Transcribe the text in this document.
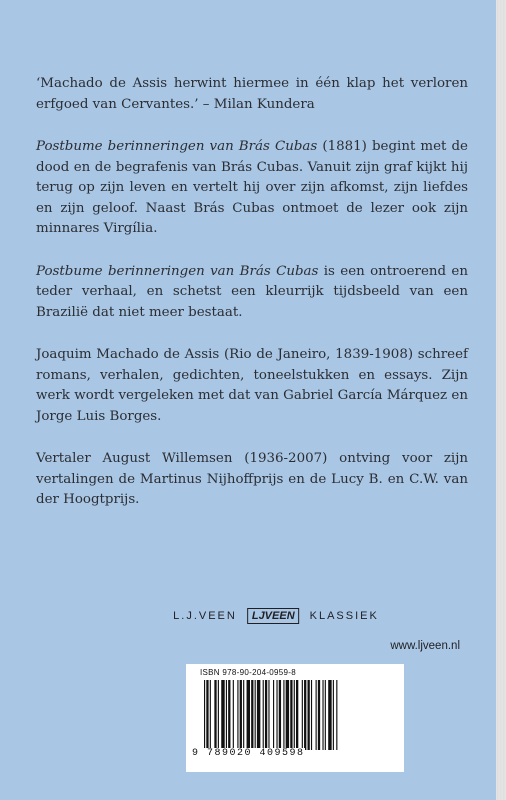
‘Machado de Assis herwint hiermee in één klap het verloren erfgoed van Cervantes.’ – Milan Kundera

Postbume berinneringen van Brás Cubas (1881) begint met de dood en de begrafenis van Brás Cubas. Vanuit zijn graf kijkt hij terug op zijn leven en vertelt hij over zijn afkomst, zijn liefdes en zijn geloof. Naast Brás Cubas ontmoet de lezer ook zijn minnares Virgília.

Postbume berinneringen van Brás Cubas is een ontroerend en teder verhaal, en schetst een kleurrijk tijdsbeeld van een Brazilië dat niet meer bestaat.

Joaquim Machado de Assis (Rio de Janeiro, 1839-1908) schreef romans, verhalen, gedichten, toneelstukken en essays. Zijn werk wordt vergeleken met dat van Gabriel García Márquez en Jorge Luis Borges.

Vertaler August Willemsen (1936-2007) ontving voor zijn vertalingen de Martinus Nijhoffprijs en de Lucy B. en C.W. van der Hoogtprijs.

L.J.VEEN	LJVEEN	KLASSIEK
www.ljveen.nl
ISBN 978-90-204-0959-8
9 789020 409598
